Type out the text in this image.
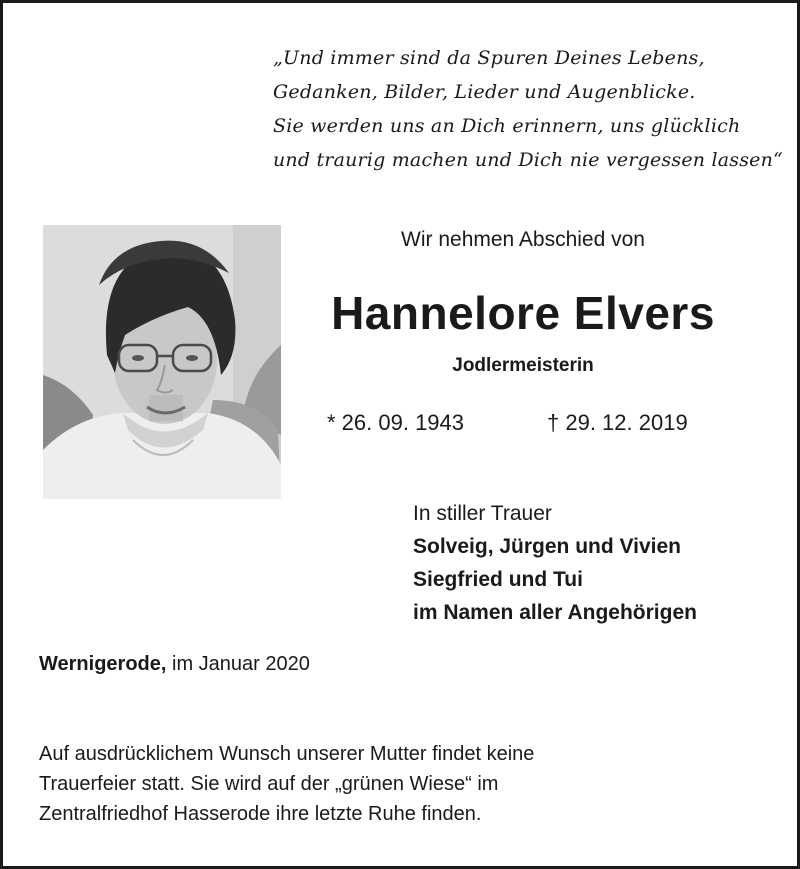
„Und immer sind da Spuren Deines Lebens,
Gedanken, Bilder, Lieder und Augenblicke.
Sie werden uns an Dich erinnern, uns glücklich
und traurig machen und Dich nie vergessen lassen“
Wir nehmen Abschied von
Hannelore Elvers
Jodlermeisterin
* 26. 09. 1943	† 29. 12. 2019
In stiller Trauer
Solveig, Jürgen und Vivien
Siegfried und Tui
im Namen aller Angehörigen
Wernigerode, im Januar 2020
Auf ausdrücklichem Wunsch unserer Mutter findet keine
Trauerfeier statt. Sie wird auf der „grünen Wiese“ im
Zentralfriedhof Hasserode ihre letzte Ruhe finden.
